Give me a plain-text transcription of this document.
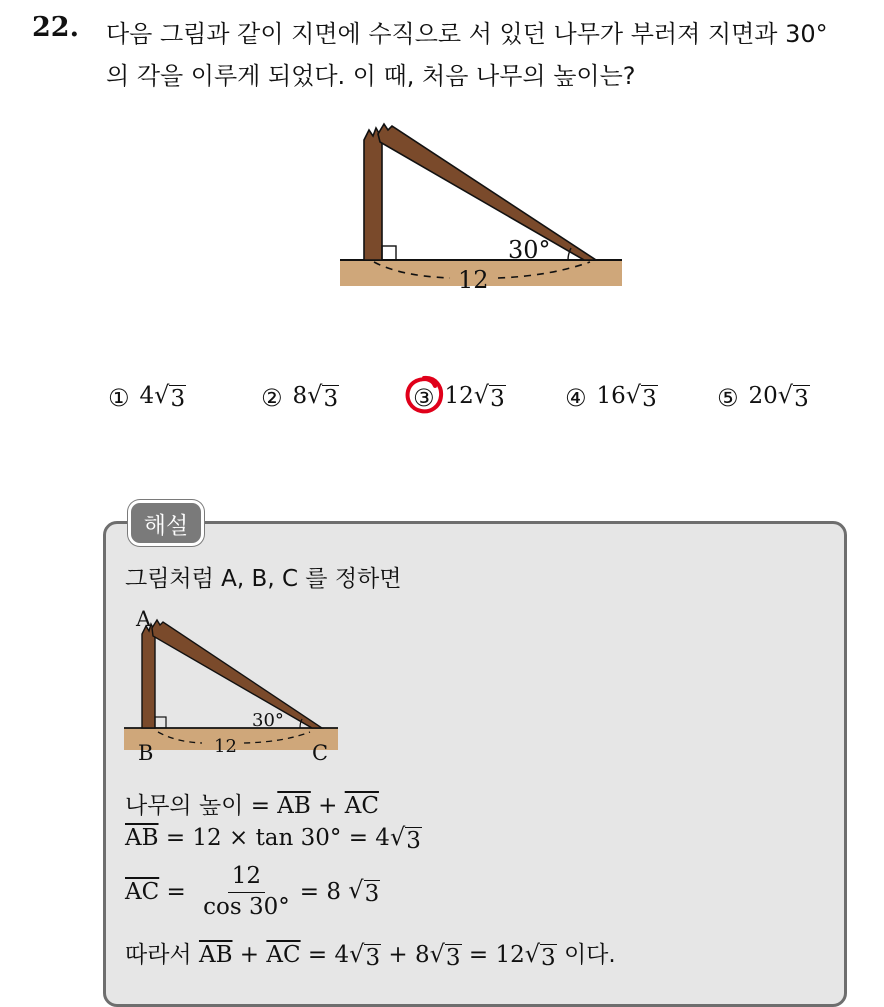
22. 다음 그림과 같이 지면에 수직으로 서 있던 나무가 부러져 지면과 30°
의 각을 이루게 되었다. 이 때, 처음 나무의 높이는?
30°
12
① 4 √ 3	② 8 √ 3	③ 12 √ 3	④ 16 √ 3	⑤ 20 √ 3
해설
그림처럼 A, B, C 를 정하면
A
B	C
30°
12
나무의 높이 = $\overline{AB} + \overline{AC}$
$\overline{AB} = 12 \times \tan 30^\circ = 4$ √ 3
$\overline{AC} = \frac{12}{\cos 30^\circ} = 8$
√ 3
따라서 $\overline{AB} + \overline{AC} = 4$ √ 3 + 8 √ 3 = 12 √ 3 이다.
